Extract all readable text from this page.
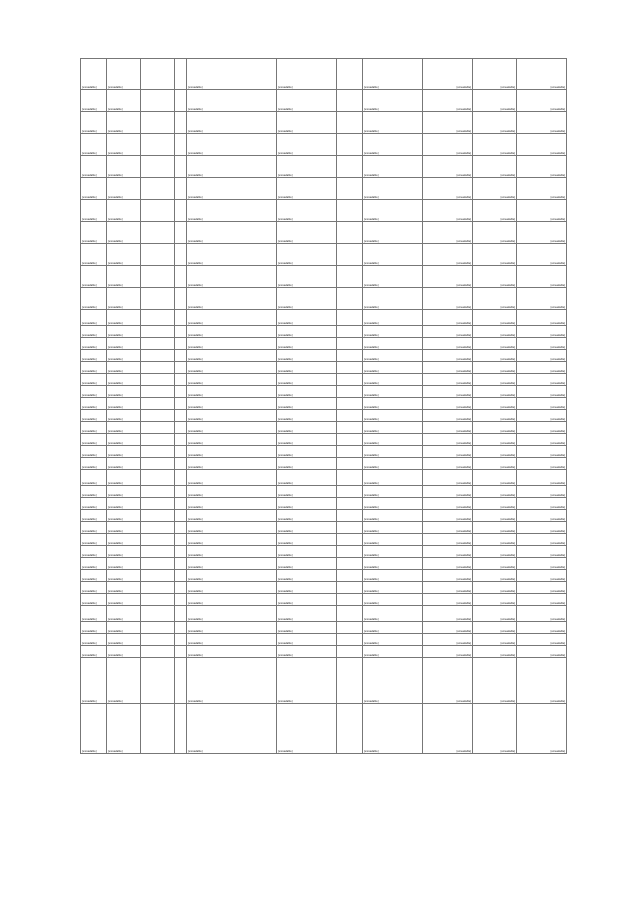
[unreadable]	[unreadable]			[unreadable]	[unreadable]		[unreadable]	[unreadable]	[unreadable]	[unreadable]
[unreadable]	[unreadable]			[unreadable]	[unreadable]		[unreadable]	[unreadable]	[unreadable]	[unreadable]
[unreadable]	[unreadable]			[unreadable]	[unreadable]		[unreadable]	[unreadable]	[unreadable]	[unreadable]
[unreadable]	[unreadable]			[unreadable]	[unreadable]		[unreadable]	[unreadable]	[unreadable]	[unreadable]
[unreadable]	[unreadable]			[unreadable]	[unreadable]		[unreadable]	[unreadable]	[unreadable]	[unreadable]
[unreadable]	[unreadable]			[unreadable]	[unreadable]		[unreadable]	[unreadable]	[unreadable]	[unreadable]
[unreadable]	[unreadable]			[unreadable]	[unreadable]		[unreadable]	[unreadable]	[unreadable]	[unreadable]
[unreadable]	[unreadable]			[unreadable]	[unreadable]		[unreadable]	[unreadable]	[unreadable]	[unreadable]
[unreadable]	[unreadable]			[unreadable]	[unreadable]		[unreadable]	[unreadable]	[unreadable]	[unreadable]
[unreadable]	[unreadable]			[unreadable]	[unreadable]		[unreadable]	[unreadable]	[unreadable]	[unreadable]
[unreadable]	[unreadable]			[unreadable]	[unreadable]		[unreadable]	[unreadable]	[unreadable]	[unreadable]
[unreadable]	[unreadable]			[unreadable]	[unreadable]		[unreadable]	[unreadable]	[unreadable]	[unreadable]
[unreadable]	[unreadable]			[unreadable]	[unreadable]		[unreadable]	[unreadable]	[unreadable]	[unreadable]
[unreadable]	[unreadable]			[unreadable]	[unreadable]		[unreadable]	[unreadable]	[unreadable]	[unreadable]
[unreadable]	[unreadable]			[unreadable]	[unreadable]		[unreadable]	[unreadable]	[unreadable]	[unreadable]
[unreadable]	[unreadable]			[unreadable]	[unreadable]		[unreadable]	[unreadable]	[unreadable]	[unreadable]
[unreadable]	[unreadable]			[unreadable]	[unreadable]		[unreadable]	[unreadable]	[unreadable]	[unreadable]
[unreadable]	[unreadable]			[unreadable]	[unreadable]		[unreadable]	[unreadable]	[unreadable]	[unreadable]
[unreadable]	[unreadable]			[unreadable]	[unreadable]		[unreadable]	[unreadable]	[unreadable]	[unreadable]
[unreadable]	[unreadable]			[unreadable]	[unreadable]		[unreadable]	[unreadable]	[unreadable]	[unreadable]
[unreadable]	[unreadable]			[unreadable]	[unreadable]		[unreadable]	[unreadable]	[unreadable]	[unreadable]
[unreadable]	[unreadable]			[unreadable]	[unreadable]		[unreadable]	[unreadable]	[unreadable]	[unreadable]
[unreadable]	[unreadable]			[unreadable]	[unreadable]		[unreadable]	[unreadable]	[unreadable]	[unreadable]
[unreadable]	[unreadable]			[unreadable]	[unreadable]		[unreadable]	[unreadable]	[unreadable]	[unreadable]
[unreadable]	[unreadable]			[unreadable]	[unreadable]		[unreadable]	[unreadable]	[unreadable]	[unreadable]
[unreadable]	[unreadable]			[unreadable]	[unreadable]		[unreadable]	[unreadable]	[unreadable]	[unreadable]
[unreadable]	[unreadable]			[unreadable]	[unreadable]		[unreadable]	[unreadable]	[unreadable]	[unreadable]
[unreadable]	[unreadable]			[unreadable]	[unreadable]		[unreadable]	[unreadable]	[unreadable]	[unreadable]
[unreadable]	[unreadable]			[unreadable]	[unreadable]		[unreadable]	[unreadable]	[unreadable]	[unreadable]
[unreadable]	[unreadable]			[unreadable]	[unreadable]		[unreadable]	[unreadable]	[unreadable]	[unreadable]
[unreadable]	[unreadable]			[unreadable]	[unreadable]		[unreadable]	[unreadable]	[unreadable]	[unreadable]
[unreadable]	[unreadable]			[unreadable]	[unreadable]		[unreadable]	[unreadable]	[unreadable]	[unreadable]
[unreadable]	[unreadable]			[unreadable]	[unreadable]		[unreadable]	[unreadable]	[unreadable]	[unreadable]
[unreadable]	[unreadable]			[unreadable]	[unreadable]		[unreadable]	[unreadable]	[unreadable]	[unreadable]
[unreadable]	[unreadable]			[unreadable]	[unreadable]		[unreadable]	[unreadable]	[unreadable]	[unreadable]
[unreadable]	[unreadable]			[unreadable]	[unreadable]		[unreadable]	[unreadable]	[unreadable]	[unreadable]
[unreadable]	[unreadable]			[unreadable]	[unreadable]		[unreadable]	[unreadable]	[unreadable]	[unreadable]
[unreadable]	[unreadable]			[unreadable]	[unreadable]		[unreadable]	[unreadable]	[unreadable]	[unreadable]
[unreadable]	[unreadable]			[unreadable]	[unreadable]		[unreadable]	[unreadable]	[unreadable]	[unreadable]
[unreadable]	[unreadable]			[unreadable]	[unreadable]		[unreadable]	[unreadable]	[unreadable]	[unreadable]
[unreadable]	[unreadable]			[unreadable]	[unreadable]		[unreadable]	[unreadable]	[unreadable]	[unreadable]
